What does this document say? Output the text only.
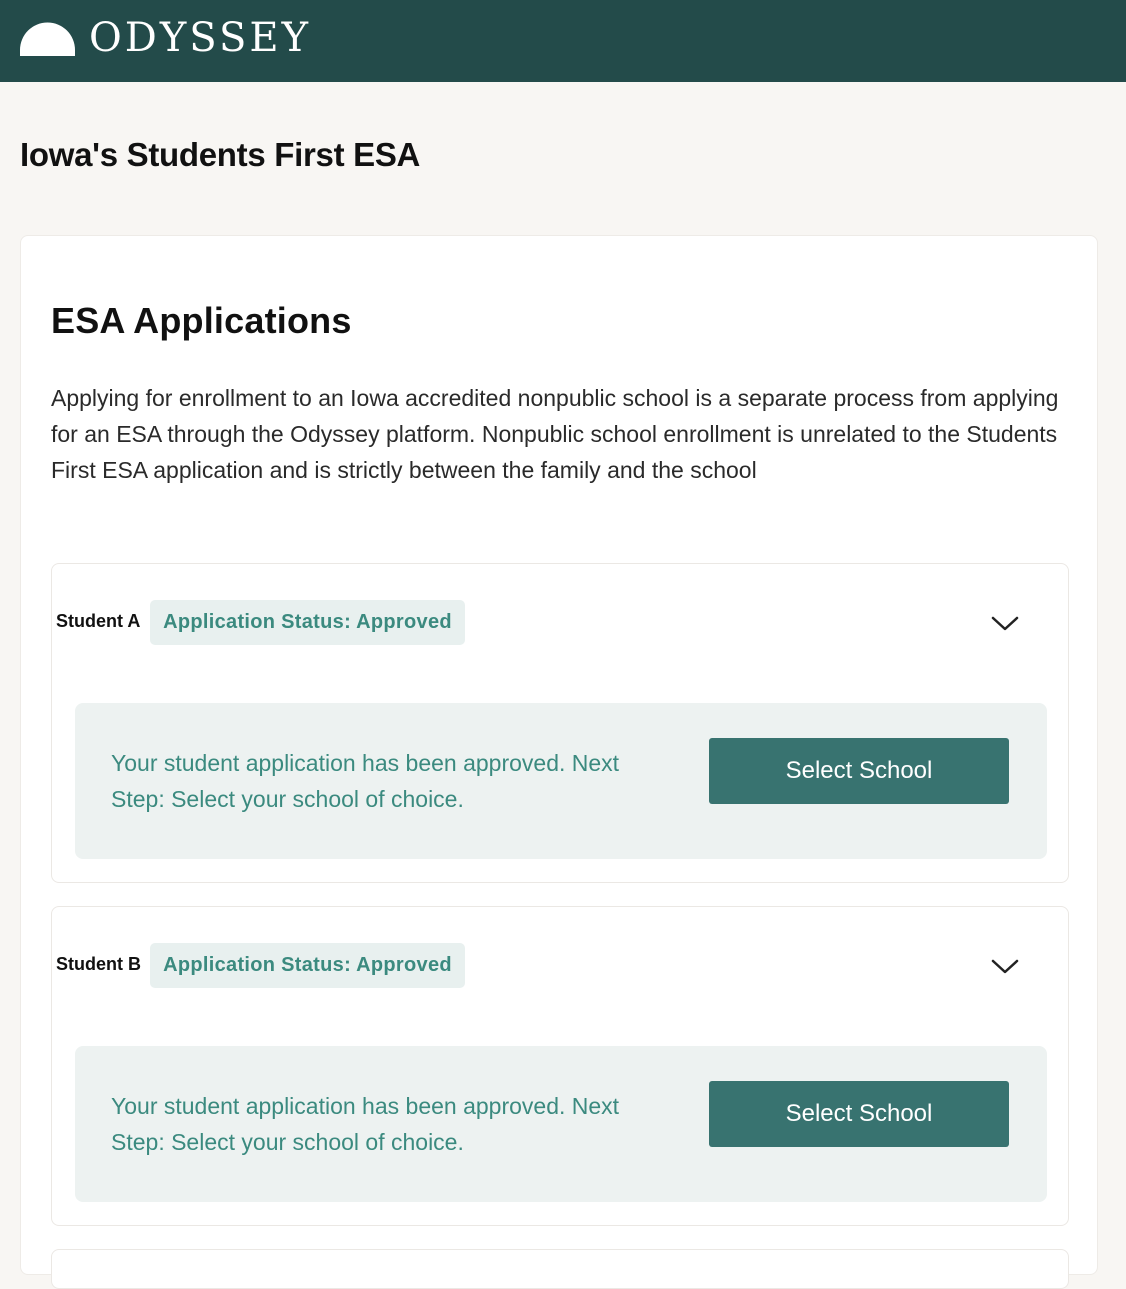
ODYSSEY
Iowa's Students First ESA
ESA Applications

Applying for enrollment to an Iowa accredited nonpublic school is a separate process from applying for an ESA through the Odyssey platform. Nonpublic school enrollment is unrelated to the Students First ESA application and is strictly between the family and the school

Student A	Application Status: Approved

Your student application has been approved. Next Step: Select your school of choice.

Select School
Student B	Application Status: Approved

Your student application has been approved. Next Step: Select your school of choice.

Select School
